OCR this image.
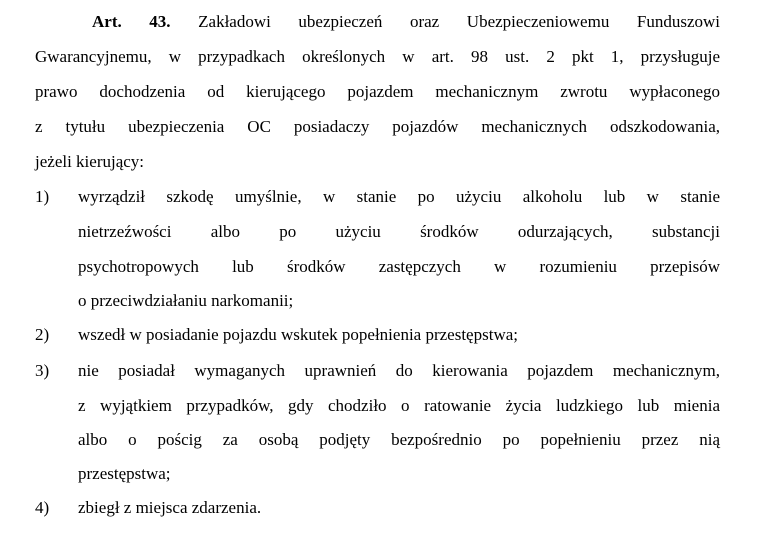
Art. 43. Zakładowi ubezpieczeń oraz Ubezpieczeniowemu Funduszowi
Gwarancyjnemu, w przypadkach określonych w art. 98 ust. 2 pkt 1, przysługuje
prawo dochodzenia od kierującego pojazdem mechanicznym zwrotu wypłaconego
z tytułu ubezpieczenia OC posiadaczy pojazdów mechanicznych odszkodowania,
jeżeli kierujący:
1) wyrządził szkodę umyślnie, w stanie po użyciu alkoholu lub w stanie
nietrzeźwości albo po użyciu środków odurzających, substancji
psychotropowych lub środków zastępczych w rozumieniu przepisów
o przeciwdziałaniu narkomanii;
2) wszedł w posiadanie pojazdu wskutek popełnienia przestępstwa;
3) nie posiadał wymaganych uprawnień do kierowania pojazdem mechanicznym,
z wyjątkiem przypadków, gdy chodziło o ratowanie życia ludzkiego lub mienia
albo o pościg za osobą podjęty bezpośrednio po popełnieniu przez nią
przestępstwa;
4) zbiegł z miejsca zdarzenia.
